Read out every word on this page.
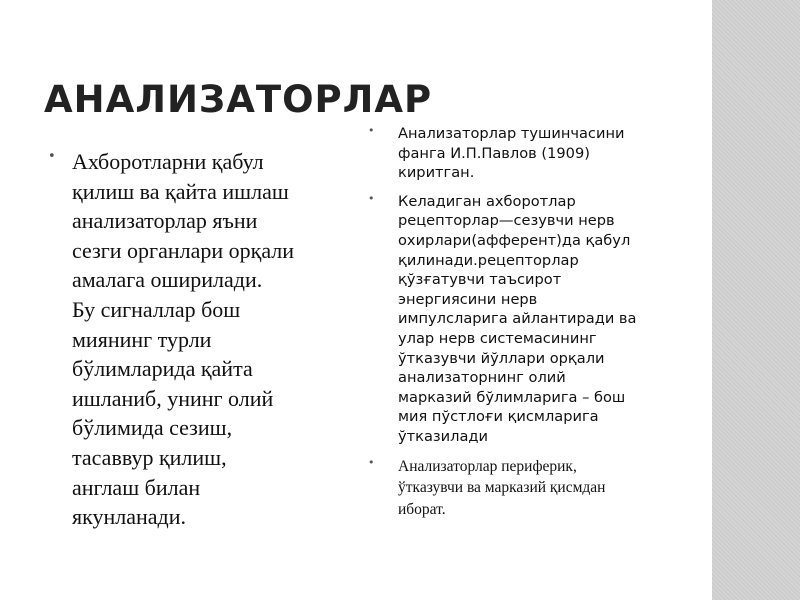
АНАЛИЗАТОРЛАР
• Ахборотларни қабул
қилиш ва қайта ишлаш
анализаторлар яъни
сезги органлари орқали
амалага оширилади.
Бу сигналлар бош
миянинг турли
бўлимларида қайта
ишланиб, унинг олий
бўлимида сезиш,
тасаввур қилиш,
англаш билан
якунланади.
• Анализаторлар тушинчасини
фанга И.П.Павлов (1909)
киритган.
• Келадиган ахборотлар
рецепторлар—сезувчи нерв
охирлари(афферент)да қабул
қилинади.рецепторлар
қўзғатувчи таъсирот
энергиясини нерв
импулсларига айлантиради ва
улар нерв системасининг
ўтказувчи йўллари орқали
анализаторнинг олий
марказий бўлимларига – бош
мия пўстлоғи қисмларига
ўтказилади
• Анализаторлар периферик,
ўтказувчи ва марказий қисмдан
иборат.
